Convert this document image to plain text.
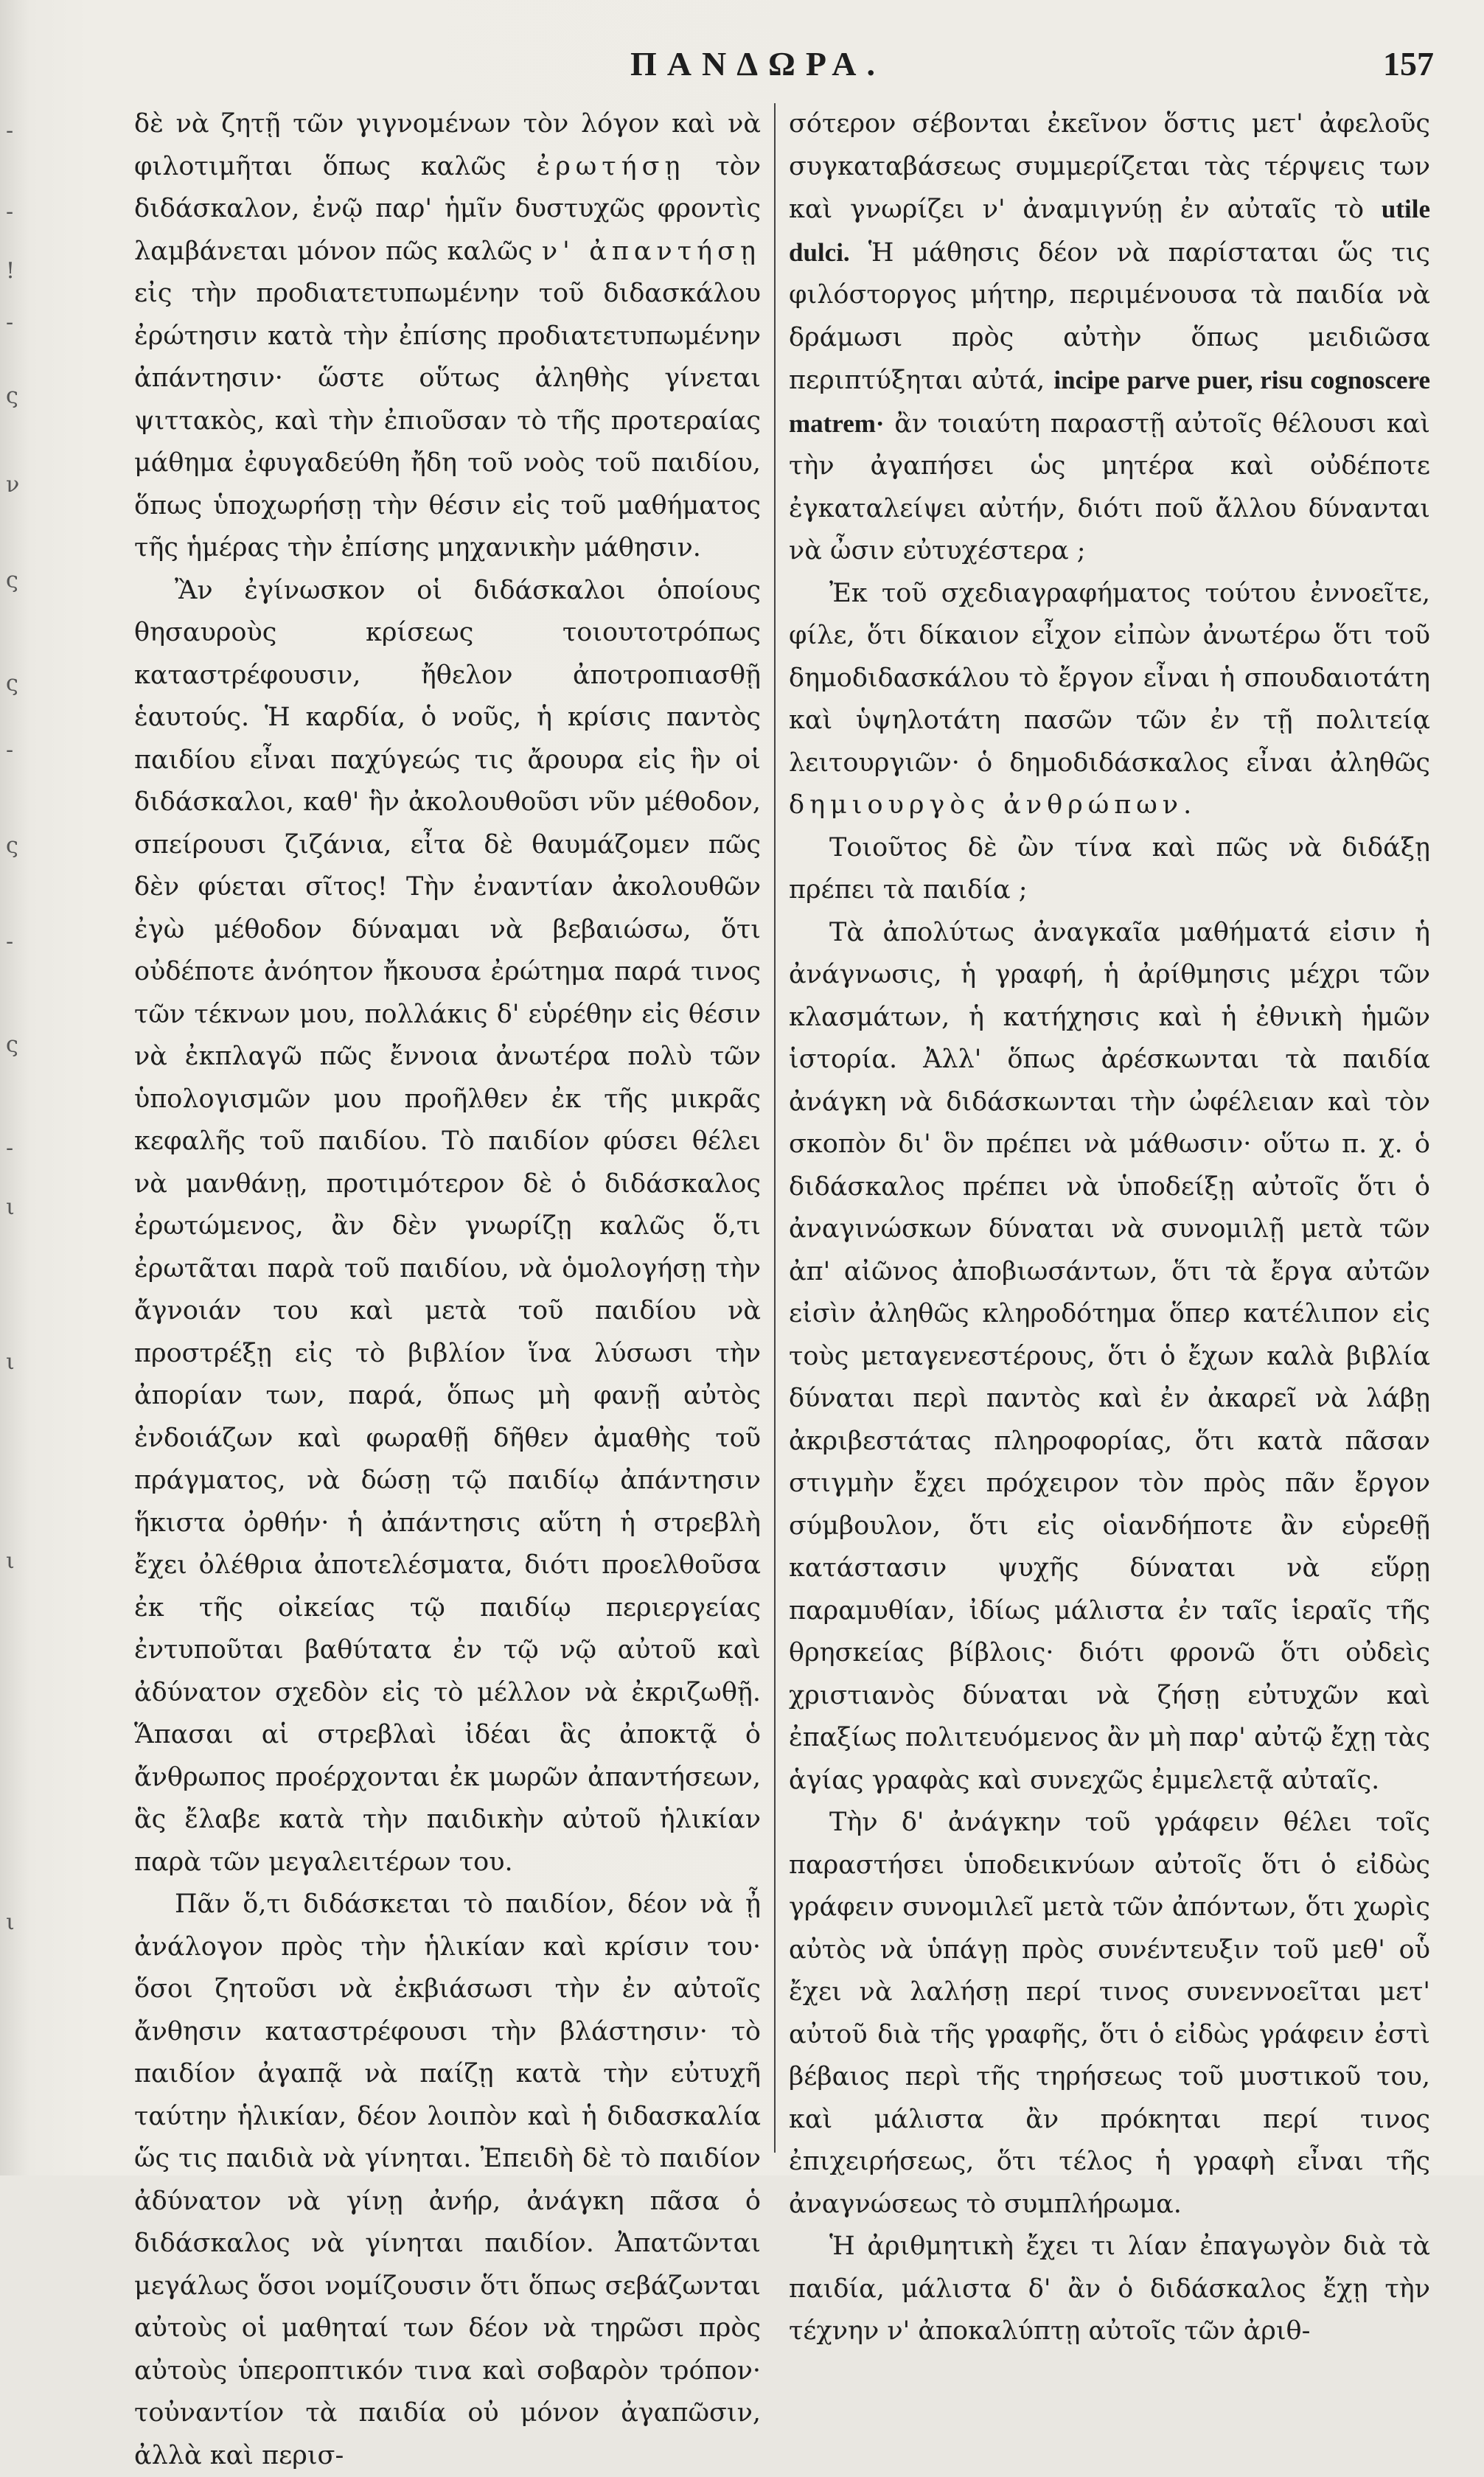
-
-
!
-
ς
ν
ς
ς
-
ς
-
ς
-
ι
ι
ι
ι
ΠΑΝΔΩΡΑ.	157

δὲ νὰ ζητῇ τῶν γιγνομένων τὸν λόγον καὶ νὰ φιλοτιμῆται ὅπως καλῶς ἐρωτήσῃ τὸν διδάσκαλον, ἐνῷ παρ' ἡμῖν δυστυχῶς φροντὶς λαμβάνεται μόνον πῶς καλῶς ν' ἀπαντήσῃ εἰς τὴν προδιατετυπωμένην τοῦ διδασκάλου ἐρώτησιν κατὰ τὴν ἐπίσης προδιατετυπωμένην ἀπάντησιν· ὥστε οὕτως ἀληθὴς γίνεται ψιττακὸς, καὶ τὴν ἐπιοῦσαν τὸ τῆς προτεραίας μάθημα ἐφυγαδεύθη ἤδη τοῦ νοὸς τοῦ παιδίου, ὅπως ὑποχωρήσῃ τὴν θέσιν εἰς τοῦ μαθήματος τῆς ἡμέρας τὴν ἐπίσης μηχανικὴν μάθησιν.

Ἂν ἐγίνωσκον οἱ διδάσκαλοι ὁποίους θησαυροὺς κρίσεως τοιουτοτρόπως καταστρέφουσιν, ἤθελον ἀποτροπιασθῇ ἑαυτούς. Ἡ καρδία, ὁ νοῦς, ἡ κρίσις παντὸς παιδίου εἶναι παχύγεώς τις ἄρουρα εἰς ἣν οἱ διδάσκαλοι, καθ' ἣν ἀκολουθοῦσι νῦν μέθοδον, σπείρουσι ζιζάνια, εἶτα δὲ θαυμάζομεν πῶς δὲν φύεται σῖτος! Τὴν ἐναντίαν ἀκολουθῶν ἐγὼ μέθοδον δύναμαι νὰ βεβαιώσω, ὅτι οὐδέποτε ἀνόητον ἤκουσα ἐρώτημα παρά τινος τῶν τέκνων μου, πολλάκις δ' εὑρέθην εἰς θέσιν νὰ ἐκπλαγῶ πῶς ἔννοια ἀνωτέρα πολὺ τῶν ὑπολογισμῶν μου προῆλθεν ἐκ τῆς μικρᾶς κεφαλῆς τοῦ παιδίου. Τὸ παιδίον φύσει θέλει νὰ μανθάνῃ, προτιμότερον δὲ ὁ διδάσκαλος ἐρωτώμενος, ἂν δὲν γνωρίζῃ καλῶς ὅ,τι ἐρωτᾶται παρὰ τοῦ παιδίου, νὰ ὁμολογήσῃ τὴν ἄγνοιάν του καὶ μετὰ τοῦ παιδίου νὰ προστρέξῃ εἰς τὸ βιβλίον ἵνα λύσωσι τὴν ἀπορίαν των, παρά, ὅπως μὴ φανῇ αὐτὸς ἐνδοιάζων καὶ φωραθῇ δῆθεν ἀμαθὴς τοῦ πράγματος, νὰ δώσῃ τῷ παιδίῳ ἀπάντησιν ἥκιστα ὀρθήν· ἡ ἀπάντησις αὕτη ἡ στρεβλὴ ἔχει ὀλέθρια ἀποτελέσματα, διότι προελθοῦσα ἐκ τῆς οἰκείας τῷ παιδίῳ περιεργείας ἐντυποῦται βαθύτατα ἐν τῷ νῷ αὐτοῦ καὶ ἀδύνατον σχεδὸν εἰς τὸ μέλλον νὰ ἐκριζωθῇ. Ἅπασαι αἱ στρεβλαὶ ἰδέαι ἃς ἀποκτᾷ ὁ ἄνθρωπος προέρχονται ἐκ μωρῶν ἀπαντήσεων, ἃς ἔλαβε κατὰ τὴν παιδικὴν αὐτοῦ ἡλικίαν παρὰ τῶν μεγαλειτέρων του.

Πᾶν ὅ,τι διδάσκεται τὸ παιδίον, δέον νὰ ᾖ ἀνάλογον πρὸς τὴν ἡλικίαν καὶ κρίσιν του· ὅσοι ζητοῦσι νὰ ἐκβιάσωσι τὴν ἐν αὐτοῖς ἄνθησιν καταστρέφουσι τὴν βλάστησιν· τὸ παιδίον ἀγαπᾷ νὰ παίζῃ κατὰ τὴν εὐτυχῆ ταύτην ἡλικίαν, δέον λοιπὸν καὶ ἡ διδασκαλία ὥς τις παιδιὰ νὰ γίνηται. Ἐπειδὴ δὲ τὸ παιδίον ἀδύνατον νὰ γίνῃ ἀνήρ, ἀνάγκη πᾶσα ὁ διδάσκαλος νὰ γίνηται παιδίον. Ἀπατῶνται μεγάλως ὅσοι νομίζουσιν ὅτι ὅπως σεβάζωνται αὐτοὺς οἱ μαθηταί των δέον νὰ τηρῶσι πρὸς αὐτοὺς ὑπεροπτικόν τινα καὶ σοβαρὸν τρόπον· τοὐναντίον τὰ παιδία οὐ μόνον ἀγαπῶσιν, ἀλλὰ καὶ περισ-

σότερον σέβονται ἐκεῖνον ὅστις μετ' ἀφελοῦς συγκαταβάσεως συμμερίζεται τὰς τέρψεις των καὶ γνωρίζει ν' ἀναμιγνύῃ ἐν αὐταῖς τὸ utile dulci. Ἡ μάθησις δέον νὰ παρίσταται ὥς τις φιλόστοργος μήτηρ, περιμένουσα τὰ παιδία νὰ δράμωσι πρὸς αὐτὴν ὅπως μειδιῶσα περιπτύξηται αὐτά, incipe parve puer, risu cognoscere matrem· ἂν τοιαύτη παραστῇ αὐτοῖς θέλουσι καὶ τὴν ἀγαπήσει ὡς μητέρα καὶ οὐδέποτε ἐγκαταλείψει αὐτήν, διότι ποῦ ἄλλου δύνανται νὰ ὦσιν εὐτυχέστερα ;

Ἐκ τοῦ σχεδιαγραφήματος τούτου ἐννοεῖτε, φίλε, ὅτι δίκαιον εἶχον εἰπὼν ἀνωτέρω ὅτι τοῦ δημοδιδασκάλου τὸ ἔργον εἶναι ἡ σπουδαιοτάτη καὶ ὑψηλοτάτη πασῶν τῶν ἐν τῇ πολιτείᾳ λειτουργιῶν· ὁ δημοδιδάσκαλος εἶναι ἀληθῶς δημιουργὸς ἀνθρώπων.

Τοιοῦτος δὲ ὢν τίνα καὶ πῶς νὰ διδάξῃ πρέπει τὰ παιδία ;

Τὰ ἀπολύτως ἀναγκαῖα μαθήματά εἰσιν ἡ ἀνάγνωσις, ἡ γραφή, ἡ ἀρίθμησις μέχρι τῶν κλασμάτων, ἡ κατήχησις καὶ ἡ ἐθνικὴ ἡμῶν ἱστορία. Ἀλλ' ὅπως ἀρέσκωνται τὰ παιδία ἀνάγκη νὰ διδάσκωνται τὴν ὠφέλειαν καὶ τὸν σκοπὸν δι' ὃν πρέπει νὰ μάθωσιν· οὕτω π. χ. ὁ διδάσκαλος πρέπει νὰ ὑποδείξῃ αὐτοῖς ὅτι ὁ ἀναγινώσκων δύναται νὰ συνομιλῇ μετὰ τῶν ἀπ' αἰῶνος ἀποβιωσάντων, ὅτι τὰ ἔργα αὐτῶν εἰσὶν ἀληθῶς κληροδότημα ὅπερ κατέλιπον εἰς τοὺς μεταγενεστέρους, ὅτι ὁ ἔχων καλὰ βιβλία δύναται περὶ παντὸς καὶ ἐν ἀκαρεῖ νὰ λάβῃ ἀκριβεστάτας πληροφορίας, ὅτι κατὰ πᾶσαν στιγμὴν ἔχει πρόχειρον τὸν πρὸς πᾶν ἔργον σύμβουλον, ὅτι εἰς οἱανδήποτε ἂν εὑρεθῇ κατάστασιν ψυχῆς δύναται νὰ εὕρῃ παραμυθίαν, ἰδίως μάλιστα ἐν ταῖς ἱεραῖς τῆς θρησκείας βίβλοις· διότι φρονῶ ὅτι οὐδεὶς χριστιανὸς δύναται νὰ ζήσῃ εὐτυχῶν καὶ ἐπαξίως πολιτευόμενος ἂν μὴ παρ' αὐτῷ ἔχῃ τὰς ἁγίας γραφὰς καὶ συνεχῶς ἐμμελετᾷ αὐταῖς.

Τὴν δ' ἀνάγκην τοῦ γράφειν θέλει τοῖς παραστήσει ὑποδεικνύων αὐτοῖς ὅτι ὁ εἰδὼς γράφειν συνομιλεῖ μετὰ τῶν ἀπόντων, ὅτι χωρὶς αὐτὸς νὰ ὑπάγῃ πρὸς συνέντευξιν τοῦ μεθ' οὗ ἔχει νὰ λαλήσῃ περί τινος συνεννοεῖται μετ' αὐτοῦ διὰ τῆς γραφῆς, ὅτι ὁ εἰδὼς γράφειν ἐστὶ βέβαιος περὶ τῆς τηρήσεως τοῦ μυστικοῦ του, καὶ μάλιστα ἂν πρόκηται περί τινος ἐπιχειρήσεως, ὅτι τέλος ἡ γραφὴ εἶναι τῆς ἀναγνώσεως τὸ συμπλήρωμα.

Ἡ ἀριθμητικὴ ἔχει τι λίαν ἐπαγωγὸν διὰ τὰ παιδία, μάλιστα δ' ἂν ὁ διδάσκαλος ἔχῃ τὴν τέχνην ν' ἀποκαλύπτῃ αὐτοῖς τῶν ἀριθ-
